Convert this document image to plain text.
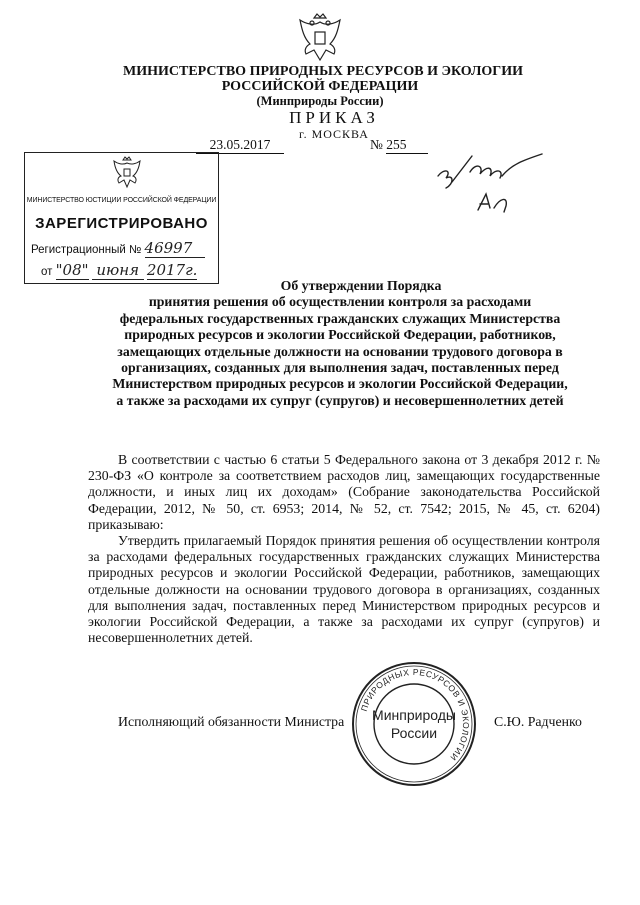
МИНИСТЕРСТВО ПРИРОДНЫХ РЕСУРСОВ И ЭКОЛОГИИ
РОССИЙСКОЙ ФЕДЕРАЦИИ
(Минприроды России)
ПРИКАЗ
г. МОСКВА
23.05.2017	№ 255
МИНИСТЕРСТВО ЮСТИЦИИ РОССИЙСКОЙ ФЕДЕРАЦИИ
ЗАРЕГИСТРИРОВАНО
Регистрационный № 46997
от "08" июня 2017г.
Об утверждении Порядка
принятия решения об осуществлении контроля за расходами
федеральных государственных гражданских служащих Министерства
природных ресурсов и экологии Российской Федерации, работников,
замещающих отдельные должности на основании трудового договора в
организациях, созданных для выполнения задач, поставленных перед
Министерством природных ресурсов и экологии Российской Федерации,
а также за расходами их супруг (супругов) и несовершеннолетних детей

В соответствии с частью 6 статьи 5 Федерального закона от 3 декабря 2012 г. № 230-ФЗ «О контроле за соответствием расходов лиц, замещающих государственные должности, и иных лиц их доходам» (Собрание законодательства Российской Федерации, 2012, № 50, ст. 6953; 2014, № 52, ст. 7542; 2015, № 45, ст. 6204) приказываю:

Утвердить прилагаемый Порядок принятия решения об осуществлении контроля за расходами федеральных государственных гражданских служащих Министерства природных ресурсов и экологии Российской Федерации, работников, замещающих отдельные должности на основании трудового договора в организациях, созданных для выполнения задач, поставленных перед Министерством природных ресурсов и экологии Российской Федерации, а также за расходами их супруг (супругов) и несовершеннолетних детей.

ПРИРОДНЫХ РЕСУРСОВ И ЭКОЛОГИИ
Минприроды
России
Исполняющий обязанности Министра	С.Ю. Радченко
